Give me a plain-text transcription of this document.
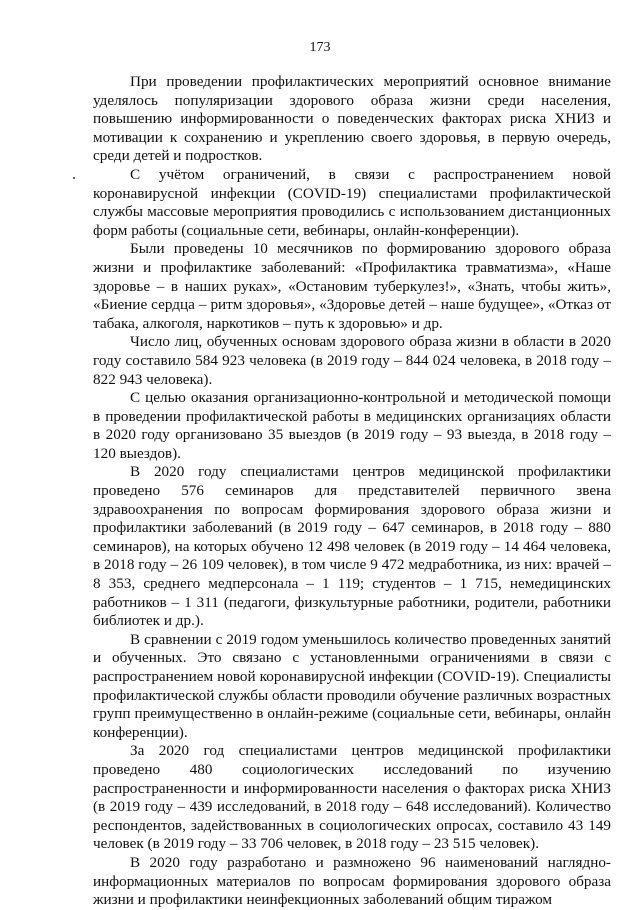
173

При проведении профилактических мероприятий основное внимание уделялось популяризации здорового образа жизни среди населения, повышению информированности о поведенческих факторах риска ХНИЗ и мотивации к сохранению и укреплению своего здоровья, в первую очередь, среди детей и подростков.

С учётом ограничений, в связи с распространением новой коронавирусной инфекции (COVID-19) специалистами профилактической службы массовые мероприятия проводились с использованием дистанционных форм работы (социальные сети, вебинары, онлайн-конференции).

Были проведены 10 месячников по формированию здорового образа жизни и профилактике заболеваний: «Профилактика травматизма», «Наше здоровье – в наших руках», «Остановим туберкулез!», «Знать, чтобы жить», «Биение сердца – ритм здоровья», «Здоровье детей – наше будущее», «Отказ от табака, алкоголя, наркотиков – путь к здоровью» и др.

Число лиц, обученных основам здорового образа жизни в области в 2020 году составило 584 923 человека (в 2019 году – 844 024 человека, в 2018 году – 822 943 человека).

С целью оказания организационно-контрольной и методической помощи в проведении профилактической работы в медицинских организациях области в 2020 году организовано 35 выездов (в 2019 году – 93 выезда, в 2018 году – 120 выездов).

В 2020 году специалистами центров медицинской профилактики проведено 576 семинаров для представителей первичного звена здравоохранения по вопросам формирования здорового образа жизни и профилактики заболеваний (в 2019 году – 647 семинаров, в 2018 году – 880 семинаров), на которых обучено 12 498 человек (в 2019 году – 14 464 человека, в 2018 году – 26 109 человек), в том числе 9 472 медработника, из них: врачей – 8 353, среднего медперсонала – 1 119; студентов – 1 715, немедицинских работников – 1 311 (педагоги, физкультурные работники, родители, работники библиотек и др.).

В сравнении с 2019 годом уменьшилось количество проведенных занятий и обученных. Это связано с установленными ограничениями в связи с распространением новой коронавирусной инфекции (COVID-19). Специалисты профилактической службы области проводили обучение различных возрастных групп преимущественно в онлайн-режиме (социальные сети, вебинары, онлайн конференции).

За 2020 год специалистами центров медицинской профилактики проведено 480 социологических исследований по изучению распространенности и информированности населения о факторах риска ХНИЗ (в 2019 году – 439 исследований, в 2018 году – 648 исследований). Количество респондентов, задействованных в социологических опросах, составило 43 149 человек (в 2019 году – 33 706 человек, в 2018 году – 23 515 человек).

В 2020 году разработано и размножено 96 наименований наглядно-информационных материалов по вопросам формирования здорового образа жизни и профилактики неинфекционных заболеваний общим тиражом
